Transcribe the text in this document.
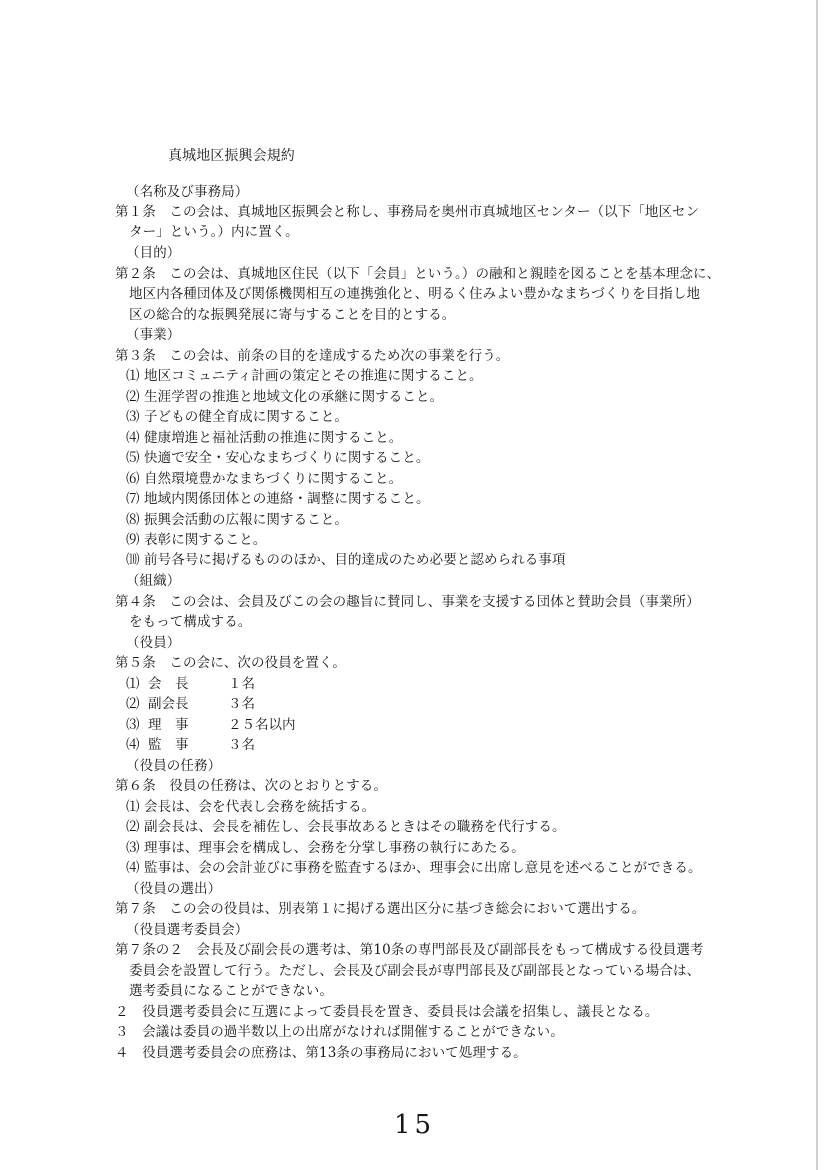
真城地区振興会規約
（名称及び事務局）
第１条　この会は、真城地区振興会と称し、事務局を奥州市真城地区センター（以下「地区セン
ター」という。）内に置く。
（目的）
第２条　この会は、真城地区住民（以下「会員」という。）の融和と親睦を図ることを基本理念に、
地区内各種団体及び関係機関相互の連携強化と、明るく住みよい豊かなまちづくりを目指し地
区の総合的な振興発展に寄与することを目的とする。
（事業）
第３条　この会は、前条の目的を達成するため次の事業を行う。
⑴ 地区コミュニティ計画の策定とその推進に関すること。
⑵ 生涯学習の推進と地域文化の承継に関すること。
⑶ 子どもの健全育成に関すること。
⑷ 健康増進と福祉活動の推進に関すること。
⑸ 快適で安全・安心なまちづくりに関すること。
⑹ 自然環境豊かなまちづくりに関すること。
⑺ 地域内関係団体との連絡・調整に関すること。
⑻ 振興会活動の広報に関すること。
⑼ 表彰に関すること。
⑽ 前号各号に掲げるもののほか、目的達成のため必要と認められる事項
（組織）
第４条　この会は、会員及びこの会の趣旨に賛同し、事業を支援する団体と賛助会員（事業所）
をもって構成する。
（役員）
第５条　この会に、次の役員を置く。
⑴ 会　長	１名
⑵ 副会長	３名
⑶ 理　事	２５名以内
⑷ 監　事	３名
（役員の任務）
第６条　役員の任務は、次のとおりとする。
⑴ 会長は、会を代表し会務を統括する。
⑵ 副会長は、会長を補佐し、会長事故あるときはその職務を代行する。
⑶ 理事は、理事会を構成し、会務を分掌し事務の執行にあたる。
⑷ 監事は、会の会計並びに事務を監査するほか、理事会に出席し意見を述べることができる。
（役員の選出）
第７条　この会の役員は、別表第１に掲げる選出区分に基づき総会において選出する。
（役員選考委員会）
第７条の２　会長及び副会長の選考は、第10条の専門部長及び副部長をもって構成する役員選考
委員会を設置して行う。ただし、会長及び副会長が専門部長及び副部長となっている場合は、
選考委員になることができない。
２　役員選考委員会に互選によって委員長を置き、委員長は会議を招集し、議長となる。
３　会議は委員の過半数以上の出席がなければ開催することができない。
４　役員選考委員会の庶務は、第13条の事務局において処理する。
15
